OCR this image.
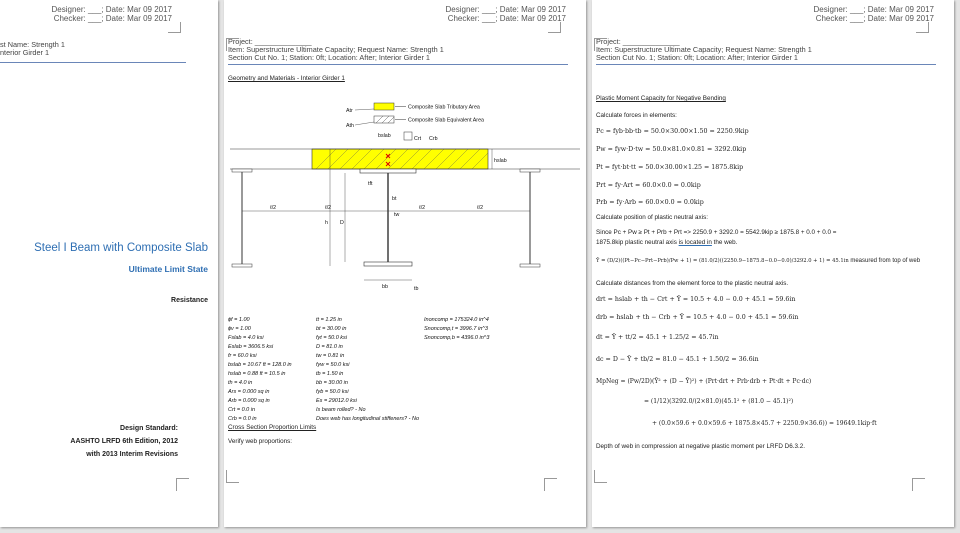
Designer: ___; Date: Mar 09 2017
Checker: ___; Date: Mar 09 2017
st Name: Strength 1
nterior Girder 1
Steel I Beam with Composite Slab
Ultimate Limit State
Resistance
Design Standard:
AASHTO LRFD 6th Edition, 2012
with 2013 Interim Revisions
Designer: ___; Date: Mar 09 2017
Checker: ___; Date: Mar 09 2017
Project: ______________
Item: Superstructure Ultimate Capacity; Request Name: Strength 1
Section Cut No. 1; Station: 0ft; Location: After; Interior Girder 1
Geometry and Materials - Interior Girder 1
Composite Slab Tributary Area
Composite Slab Equivalent Area
Atr
Ath
bslab	Crt Crb
hslab
tft
bt
tw
h D
tb
bb
ℓ/2	ℓ/2	ℓ/2	ℓ/2
ϕf = 1.00
ϕv = 1.00
Fslab = 4.0 ksi
Eslab = 3606.5 ksi
fr = 60.0 ksi
bslab = 10.67 ft = 128.0 in
hslab = 0.88 ft = 10.5 in
th = 4.0 in
Ars = 0.000 sq in
Arb = 0.000 sq in
Crt = 0.0 in
Crb = 0.0 in
tt = 1.25 in
bt = 30.00 in
fyt = 50.0 ksi
D = 81.0 in
tw = 0.81 in
fyw = 50.0 ksi
tb = 1.50 in
bb = 30.00 in
fyb = 50.0 ksi
Es = 29012.0 ksi
Is beam rolled? - No
Does web has longitudinal stiffeners? - No
Inoncomp = 175324.0 in^4
Snoncomp,t = 3996.7 in^3
Snoncomp,b = 4396.0 in^3
Cross Section Proportion Limits
Verify web proportions:
Designer: ___; Date: Mar 09 2017
Checker: ___; Date: Mar 09 2017
Project: ______________
Item: Superstructure Ultimate Capacity; Request Name: Strength 1
Section Cut No. 1; Station: 0ft; Location: After; Interior Girder 1
Plastic Moment Capacity for Negative Bending
Calculate forces in elements:
Pc = fyb·bb·tb = 50.0×30.00×1.50 = 2250.9kip
Pw = fyw·D·tw = 50.0×81.0×0.81 = 3292.0kip
Pt = fyt·bt·tt = 50.0×30.00×1.25 = 1875.8kip
Prt = fy·Art = 60.0×0.0 = 0.0kip
Prb = fy·Arb = 60.0×0.0 = 0.0kip
Calculate position of plastic neutral axis:
Since Pc + Pw ≥ Pt + Prb + Prt => 2250.9 + 3292.0 = 5542.9kip ≥ 1875.8 + 0.0 + 0.0 =
1875.8kip plastic neutral axis is located in the web.
Ȳ = (D/2)((Pt−Pc−Prt−Prb)/Pw + 1) = (81.0/2)((2250.9−1875.8−0.0−0.0)/3292.0 + 1) = 45.1in measured from top of web
Calculate distances from the element force to the plastic neutral axis.
drt = hslab + th − Crt + Ȳ = 10.5 + 4.0 − 0.0 + 45.1 = 59.6in
drb = hslab + th − Crb + Ȳ = 10.5 + 4.0 − 0.0 + 45.1 = 59.6in
dt = Ȳ + tt/2 = 45.1 + 1.25/2 = 45.7in
dc = D − Ȳ + tb/2 = 81.0 − 45.1 + 1.50/2 = 36.6in
MpNeg = (Pw/2D)(Ȳ² + (D − Ȳ)²) + (Prt·drt + Prb·drb + Pt·dt + Pc·dc)
= (1/12)(3292.0/(2×81.0)(45.1² + (81.0 − 45.1)²)
+ (0.0×59.6 + 0.0×59.6 + 1875.8×45.7 + 2250.9×36.6)) = 19649.1kip·ft
Depth of web in compression at negative plastic moment per LRFD D6.3.2.
